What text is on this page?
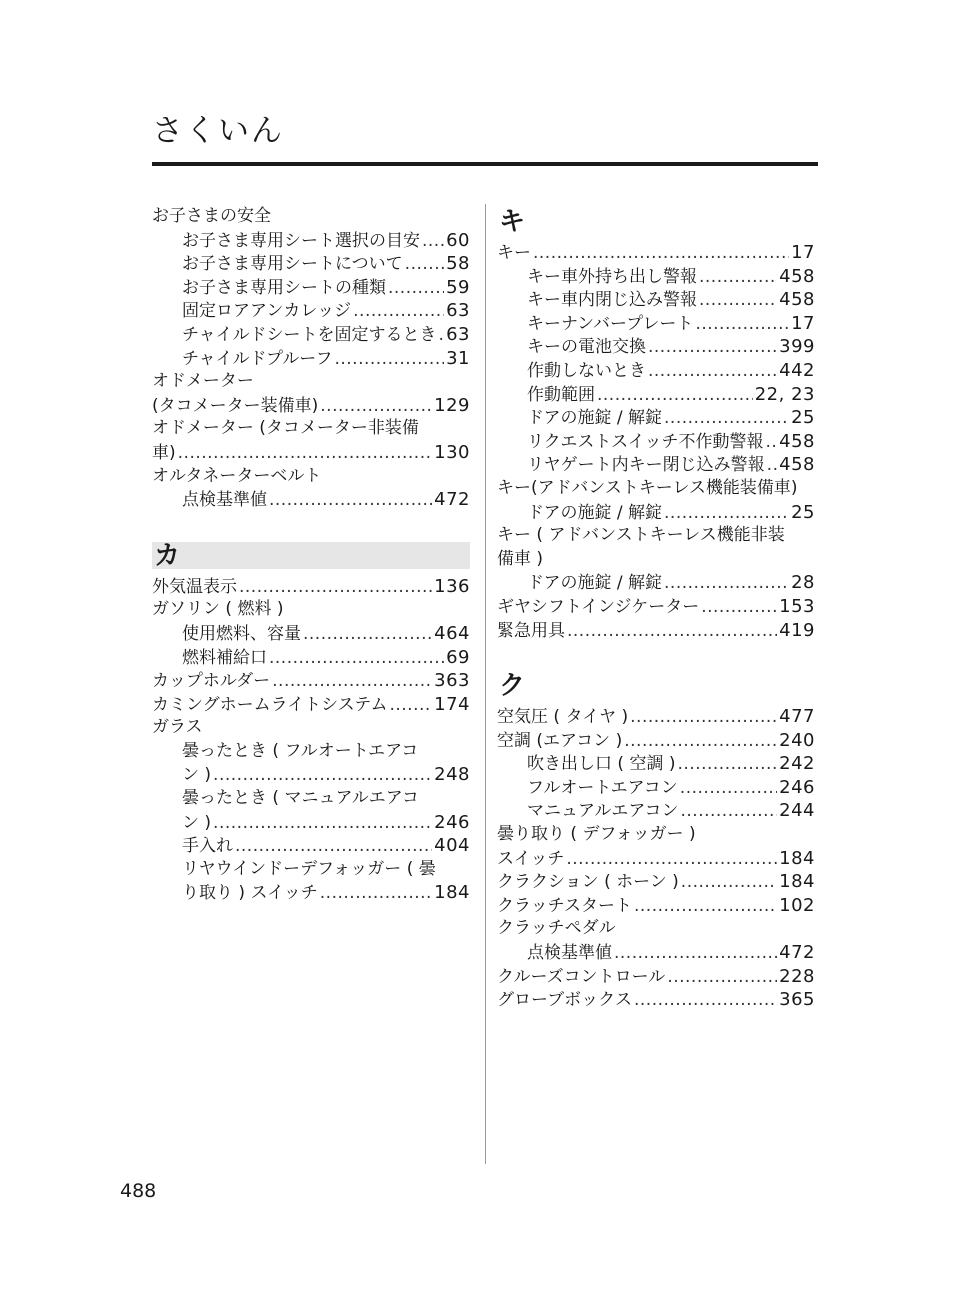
さくいん
お子さまの安全
お子さま専用シート選択の目安 ..... 60
お子さま専用シートについて ..... 58
お子さま専用シートの種類 .....	59
固定ロアアンカレッジ .....	63
チャイルドシートを固定するとき ..... 63
チャイルドプルーフ .....	31
オドメーター
(タコメーター装備車) .....	129
オドメーター (タコメーター非装備
車) .....	130
オルタネーターベルト
点検基準値 .....	472
カ
外気温表示 .....	136
ガソリン ( 燃料 )
使用燃料、容量 .....	464
燃料補給口 .....	69
カップホルダー .....	363
カミングホームライトシステム .....	174
ガラス
曇ったとき ( フルオートエアコ
ン ) .....	248
曇ったとき ( マニュアルエアコ
ン ) .....	246
手入れ .....	404
リヤウインドーデフォッガー ( 曇
り取り ) スイッチ .....	184
キ
キー .....	17
キー車外持ち出し警報 .....	458
キー車内閉じ込み警報 .....	458
キーナンバープレート .....	17
キーの電池交換 .....	399
作動しないとき .....	442
作動範囲 .....	22, 23
ドアの施錠 / 解錠 .....	25
リクエストスイッチ不作動警報 ..... 458
リヤゲート内キー閉じ込み警報 ..... 458
キー(アドバンストキーレス機能装備車)
ドアの施錠 / 解錠 .....	25
キー ( アドバンストキーレス機能非装
備車 )
ドアの施錠 / 解錠 .....	28
ギヤシフトインジケーター .....	153
緊急用具 .....	419
ク
空気圧 ( タイヤ ) .....	477
空調 (エアコン ) .....	240
吹き出し口 ( 空調 ) .....	242
フルオートエアコン .....	246
マニュアルエアコン .....	244
曇り取り ( デフォッガー )
スイッチ .....	184
クラクション ( ホーン ) .....	184
クラッチスタート .....	102
クラッチペダル
点検基準値 .....	472
クルーズコントロール .....	228
グローブボックス .....	365
488
